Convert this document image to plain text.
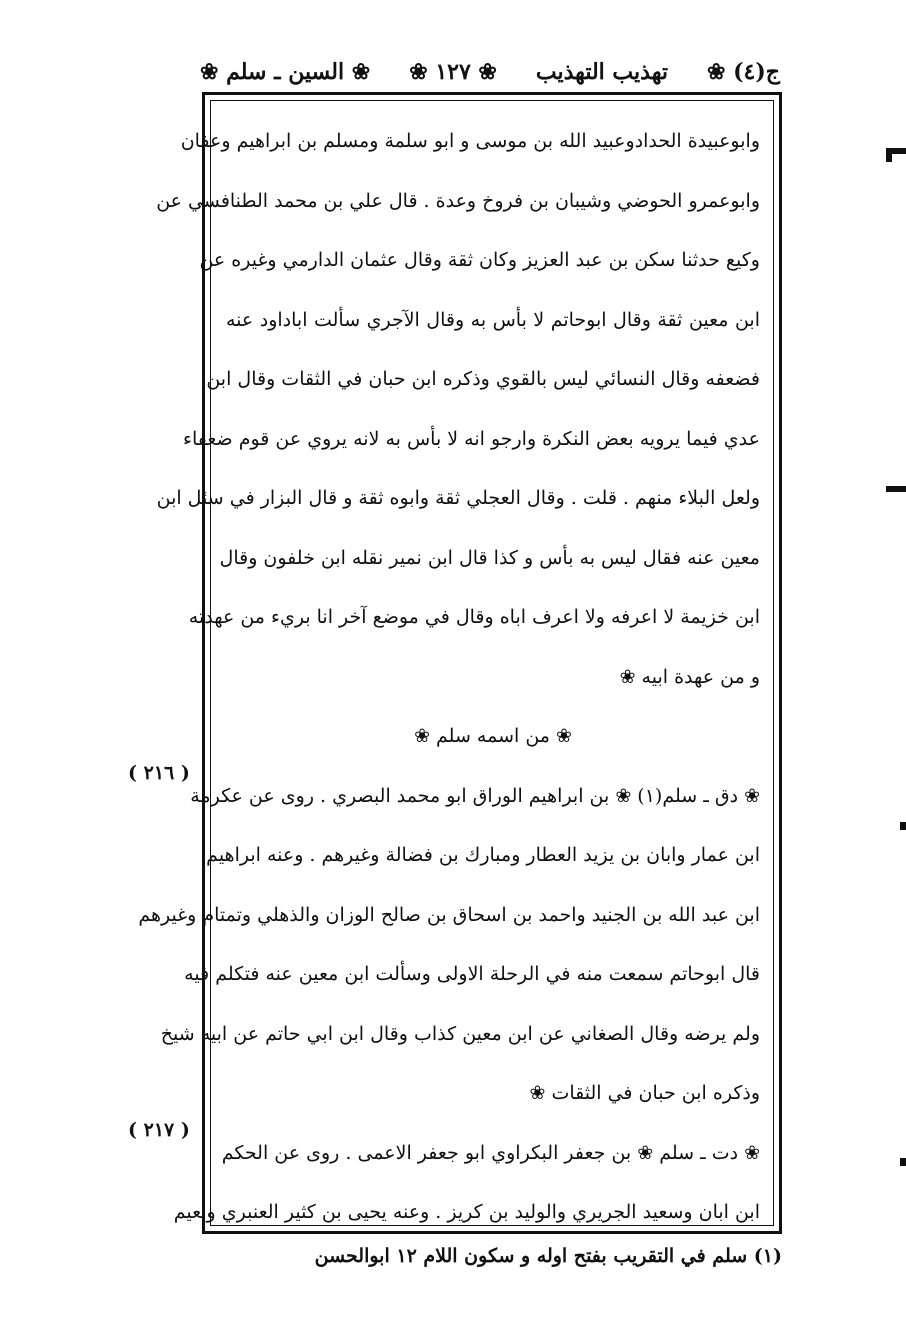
ج(٤) ❀
تهذيب التهذيب
❀ ١٢٧ ❀
❀ السين ـ سلم ❀
وابوعبيدة الحدادوعبيد الله بن موسى و ابو سلمة ومسلم بن ابراهيم وعفان
وابوعمرو الحوضي وشيبان بن فروخ وعدة . قال علي بن محمد الطنافسي عن
وكيع حدثنا سكن بن عبد العزيز وكان ثقة وقال عثمان الدارمي وغيره عن
ابن معين ثقة وقال ابوحاتم لا بأس به وقال الآجري سألت اباداود عنه
فضعفه وقال النسائي ليس بالقوي وذكره ابن حبان في الثقات وقال ابن
عدي فيما يرويه بعض النكرة وارجو انه لا بأس به لانه يروي عن قوم ضعفاء
ولعل البلاء منهم . قلت . وقال العجلي ثقة وابوه ثقة و قال البزار في سئل ابن
معين عنه فقال ليس به بأس و كذا قال ابن نمير نقله ابن خلفون وقال
ابن خزيمة لا اعرفه ولا اعرف اباه وقال في موضع آخر انا بريء من عهدته
و من عهدة ابيه ❀
❀ من اسمه سلم ❀
❀ دق ـ سلم(١) ❀ بن ابراهيم الوراق ابو محمد البصري . روى عن عكرمة
ابن عمار وابان بن يزيد العطار ومبارك بن فضالة وغيرهم . وعنه ابراهيم
ابن عبد الله بن الجنيد واحمد بن اسحاق بن صالح الوزان والذهلي وتمتام وغيرهم
قال ابوحاتم سمعت منه في الرحلة الاولى وسألت ابن معين عنه فتكلم فيه
ولم يرضه وقال الصغاني عن ابن معين كذاب وقال ابن ابي حاتم عن ابيه شيخ
وذكره ابن حبان في الثقات ❀
❀ دت ـ سلم ❀ بن جعفر البكراوي ابو جعفر الاعمى . روى عن الحكم
ابن ابان وسعيد الجريري والوليد بن كريز . وعنه يحيى بن كثير العنبري ونعيم
( ٢١٦ )
( ٢١٧ )
(١) سلم في التقريب بفتح اوله و سكون اللام ١٢ ابوالحسن
